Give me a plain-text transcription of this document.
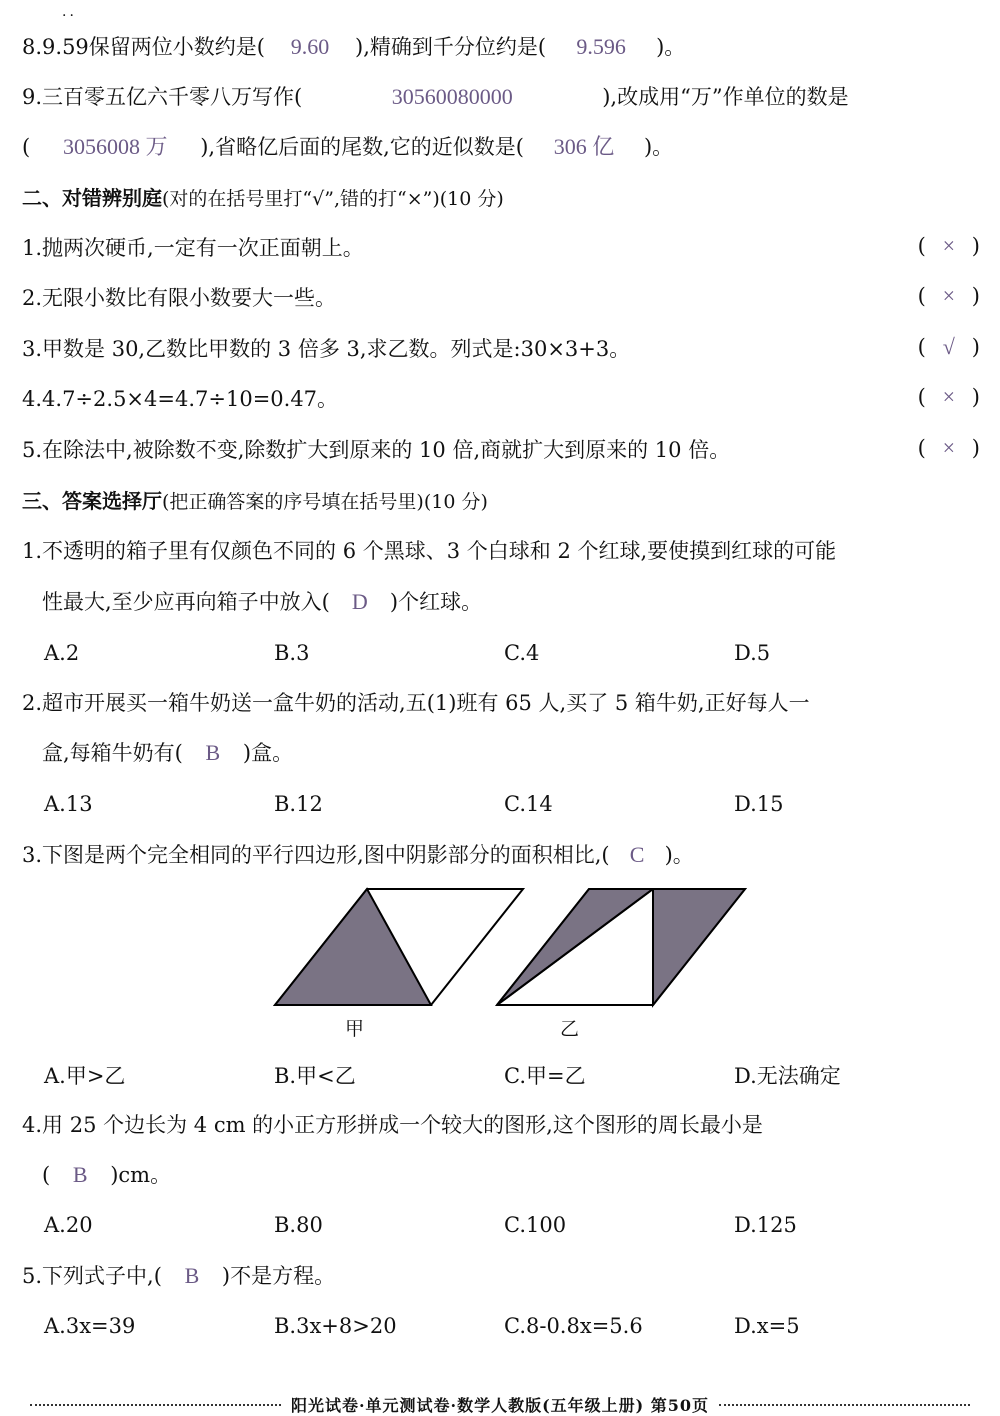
··
8.9.59保留两位小数约是( 9.60 ),精确到千分位约是( 9.596 )。
9.三百零五亿六千零八万写作(	30560080000	),改成用“万”作单位的数是
( 3056008 万 ),省略亿后面的尾数,它的近似数是( 306 亿 )。
二、对错辨别庭(对的在括号里打“√”,错的打“×”)(10 分)
1.抛两次硬币,一定有一次正面朝上。	( × )
2.无限小数比有限小数要大一些。	( × )
3.甲数是 30,乙数比甲数的 3 倍多 3,求乙数。列式是:30×3+3。	( √ )
4.4.7÷2.5×4=4.7÷10=0.47。	( × )
5.在除法中,被除数不变,除数扩大到原来的 10 倍,商就扩大到原来的 10 倍。	( × )
三、答案选择厅(把正确答案的序号填在括号里)(10 分)
1.不透明的箱子里有仅颜色不同的 6 个黑球、3 个白球和 2 个红球,要使摸到红球的可能
性最大,至少应再向箱子中放入( D )个红球。
A.2	B.3	C.4	D.5
2.超市开展买一箱牛奶送一盒牛奶的活动,五(1)班有 65 人,买了 5 箱牛奶,正好每人一
盒,每箱牛奶有( B )盒。
A.13	B.12	C.14	D.15
3.下图是两个完全相同的平行四边形,图中阴影部分的面积相比,( C )。
甲	乙
A.甲>乙	B.甲<乙	C.甲=乙	D.无法确定
4.用 25 个边长为 4 cm 的小正方形拼成一个较大的图形,这个图形的周长最小是
( B )cm。
A.20	B.80	C.100	D.125
5.下列式子中,( B )不是方程。
A.3x=39	B.3x+8>20	C.8-0.8x=5.6	D.x=5
阳光试卷·单元测试卷·数学人教版(五年级上册) 第50页
